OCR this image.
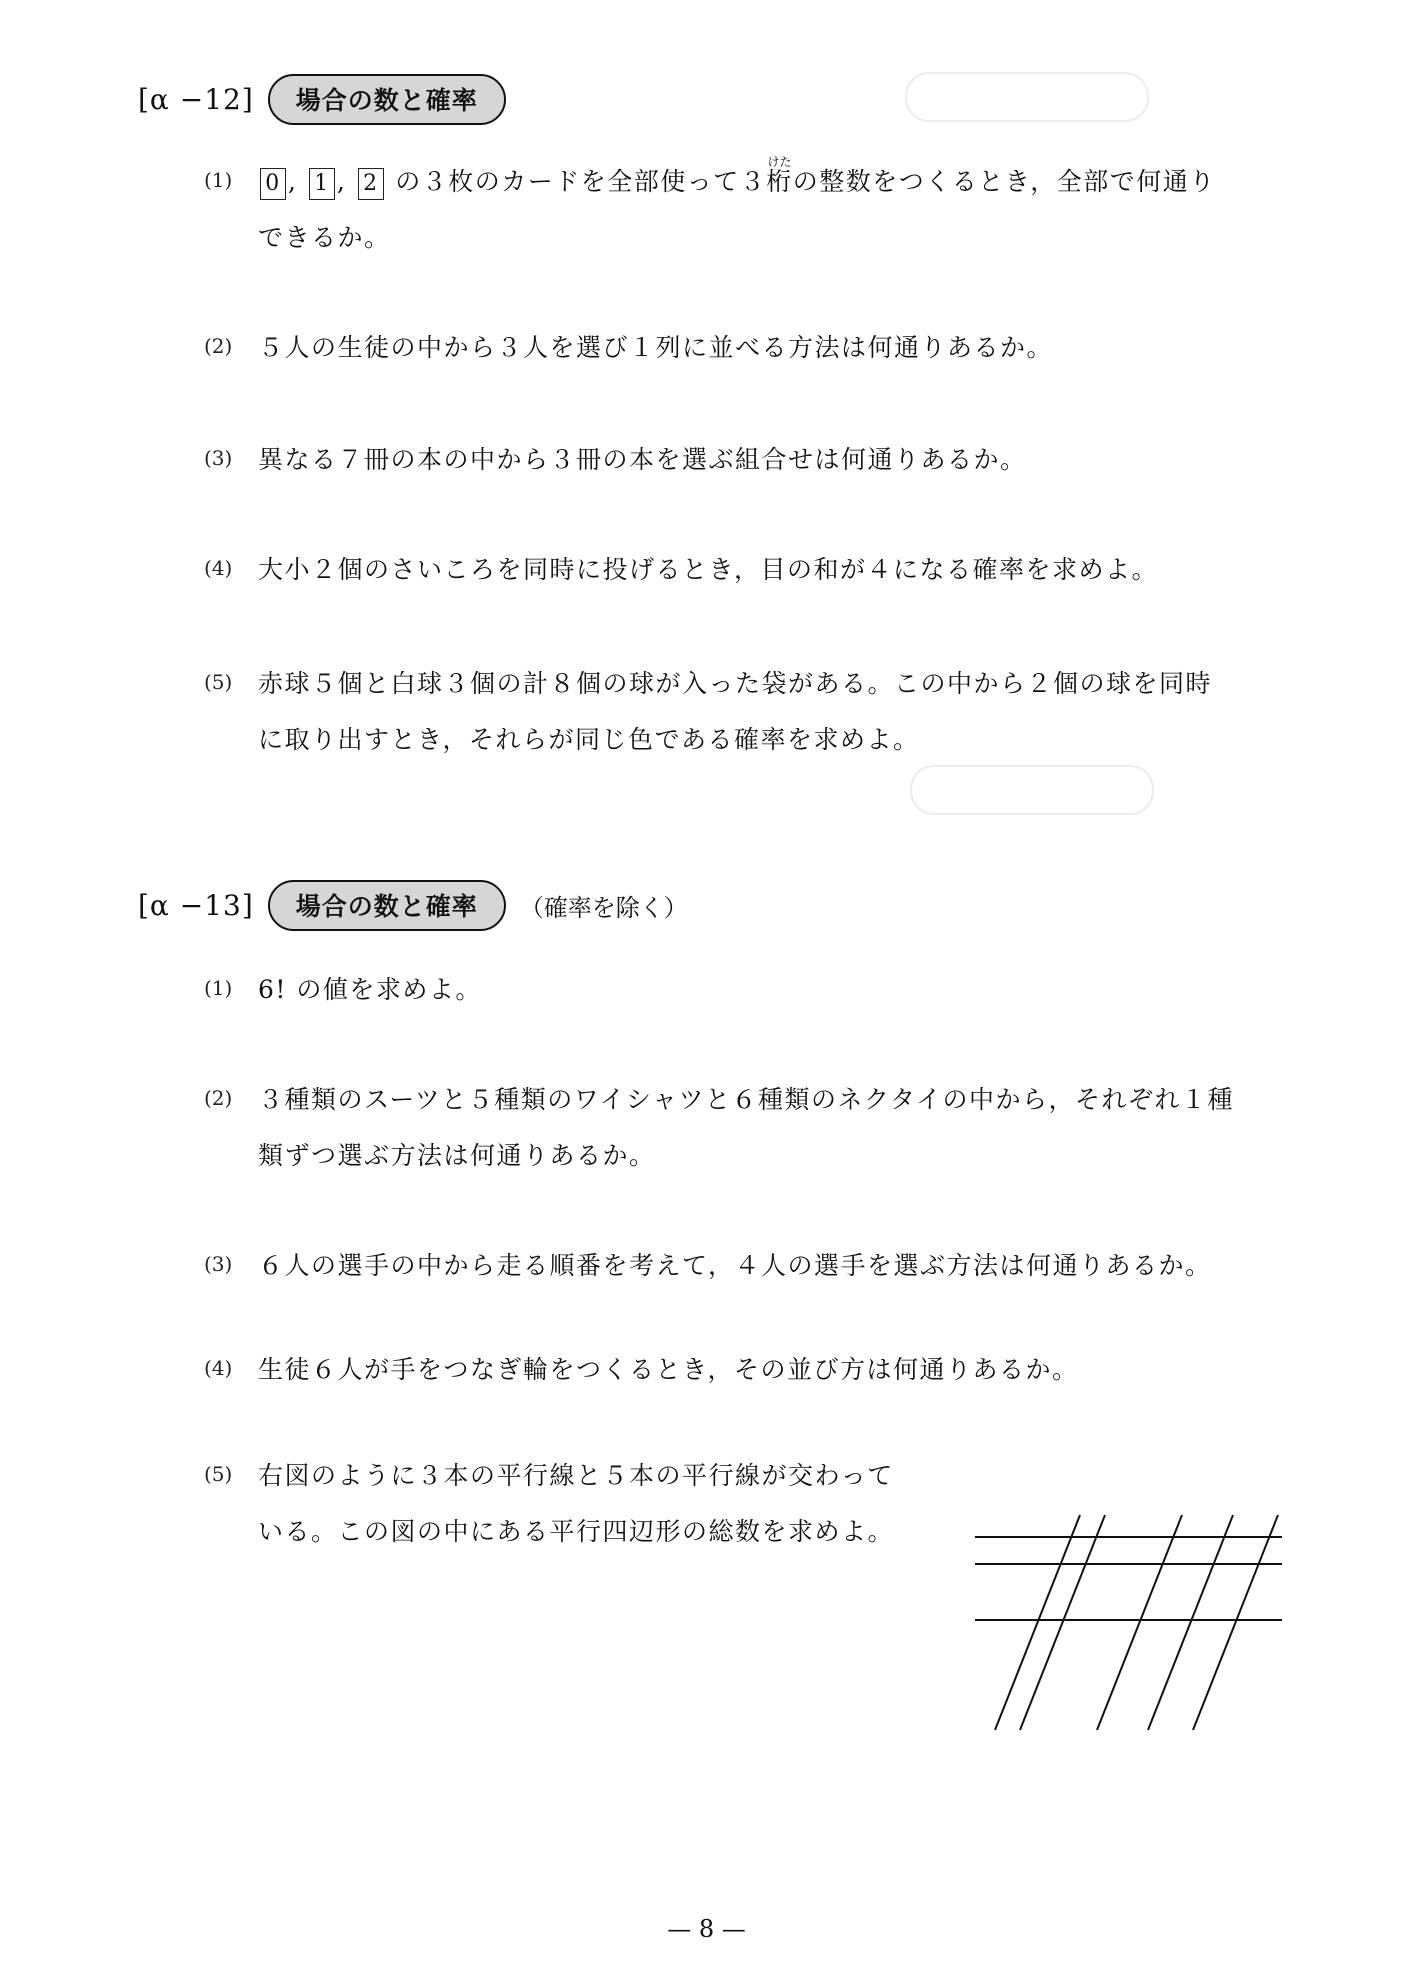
[α −12]	場合の数と確率
(1)	0 , 1 , 2 の３枚のカードを全部使って３桁
けた
の整数をつくるとき，全部で何通り
できるか。
(2) ５人の生徒の中から３人を選び１列に並べる方法は何通りあるか。
(3) 異なる７冊の本の中から３冊の本を選ぶ組合せは何通りあるか。
(4) 大小２個のさいころを同時に投げるとき，目の和が４になる確率を求めよ。
(5) 赤球５個と白球３個の計８個の球が入った袋がある。この中から２個の球を同時
に取り出すとき，それらが同じ色である確率を求めよ。
[α −13]	場合の数と確率	（確率を除く）
(1) 6! の値を求めよ。
(2) ３種類のスーツと５種類のワイシャツと６種類のネクタイの中から，それぞれ１種
類ずつ選ぶ方法は何通りあるか。
(3) ６人の選手の中から走る順番を考えて，４人の選手を選ぶ方法は何通りあるか。
(4) 生徒６人が手をつなぎ輪をつくるとき，その並び方は何通りあるか。
(5) 右図のように３本の平行線と５本の平行線が交わって
いる。この図の中にある平行四辺形の総数を求めよ。
— 8 —
